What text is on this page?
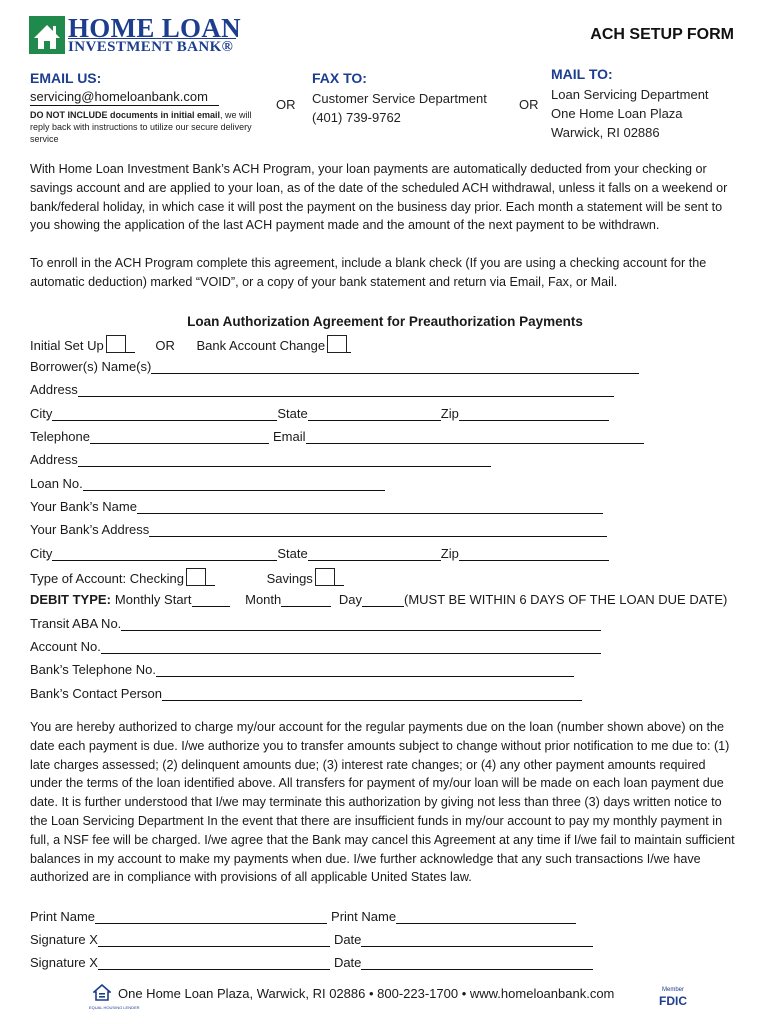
HOME LOAN
INVESTMENT BANK®
ACH SETUP FORM
EMAIL US:
servicing@homeloanbank.com
DO NOT INCLUDE documents in initial email, we will reply back with instructions to utilize our secure delivery service
OR
FAX TO:
Customer Service Department
(401) 739-9762
OR
MAIL TO:
Loan Servicing Department
One Home Loan Plaza
Warwick, RI 02886
With Home Loan Investment Bank’s ACH Program, your loan payments are automatically deducted from your checking or savings account and are applied to your loan, as of the date of the scheduled ACH withdrawal, unless it falls on a weekend or bank/federal holiday, in which case it will post the payment on the business day prior. Each month a statement will be sent to you showing the application of the last ACH payment made and the amount of the next payment to be withdrawn.
To enroll in the ACH Program complete this agreement, include a blank check (If you are using a checking account for the automatic deduction) marked “VOID”, or a copy of your bank statement and return via Email, Fax, or Mail.
Loan Authorization Agreement for Preauthorization Payments
Initial Set Up	OR Bank Account Change
Borrower(s) Name(s)
Address
City	State	Zip
Telephone	Email
Address
Loan No.
Your Bank’s Name
Your Bank’s Address
City	State	Zip
Type of Account: Checking	Savings
DEBIT TYPE: Monthly Start	Month	Day	(MUST BE WITHIN 6 DAYS OF THE LOAN DUE DATE)
Transit ABA No.
Account No.
Bank’s Telephone No.
Bank’s Contact Person
You are hereby authorized to charge my/our account for the regular payments due on the loan (number shown above) on the date each payment is due. I/we authorize you to transfer amounts subject to change without prior notification to me due to: (1) late charges assessed; (2) delinquent amounts due; (3) interest rate changes; or (4) any other payment amounts required under the terms of the loan identified above. All transfers for payment of my/our loan will be made on each loan payment due date. It is further understood that I/we may terminate this authorization by giving not less than three (3) days written notice to the Loan Servicing Department In the event that there are insufficient funds in my/our account to pay my monthly payment in full, a NSF fee will be charged. I/we agree that the Bank may cancel this Agreement at any time if I/we fail to maintain sufficient balances in my account to make my payments when due. I/we further acknowledge that any such transactions I/we have authorized are in compliance with provisions of all applicable United States law.
Print Name	Print Name
Signature X	Date
Signature X	Date
EQUAL HOUSING LENDER
One Home Loan Plaza, Warwick, RI 02886 • 800-223-1700 • www.homeloanbank.com	Member
FDIC
